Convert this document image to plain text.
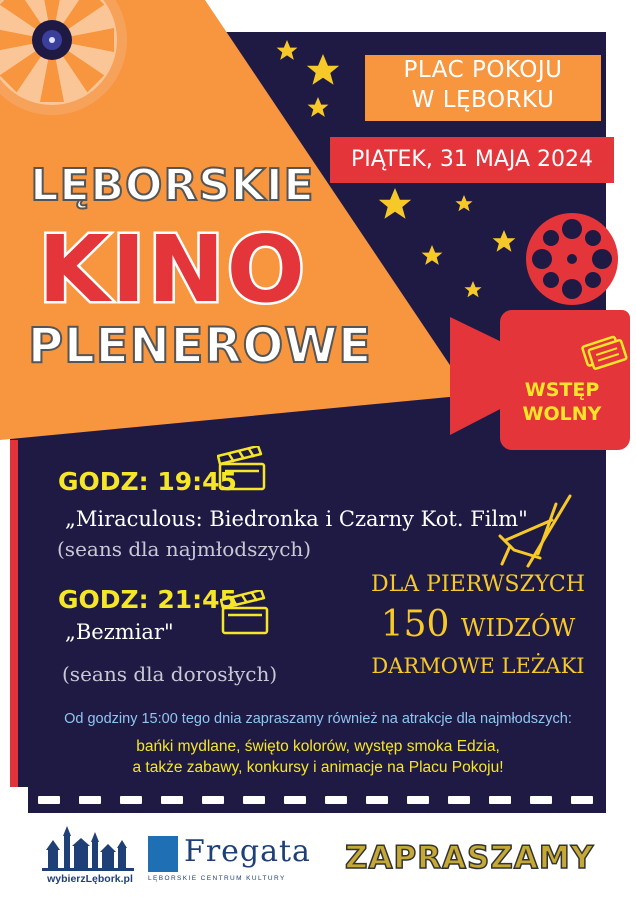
WSTĘP
WOLNY
PLAC POKOJU
W LĘBORKU
PIĄTEK, 31 MAJA 2024
LĘBORSKIE
KINO
PLENEROWE
GODZ: 19:45
„Miraculous: Biedronka i Czarny Kot. Film"
(seans dla najmłodszych)
GODZ: 21:45
„Bezmiar"
(seans dla dorosłych)
DLA PIERWSZYCH
150 WIDZÓW
DARMOWE LEŻAKI
Od godziny 15:00 tego dnia zapraszamy również na atrakcje dla najmłodszych:
bańki mydlane, święto kolorów, występ smoka Edzia,
a także zabawy, konkursy i animacje na Placu Pokoju!
wybierzLębork.pl
Fregata
LĘBORSKIE CENTRUM KULTURY
ZAPRASZAMY
